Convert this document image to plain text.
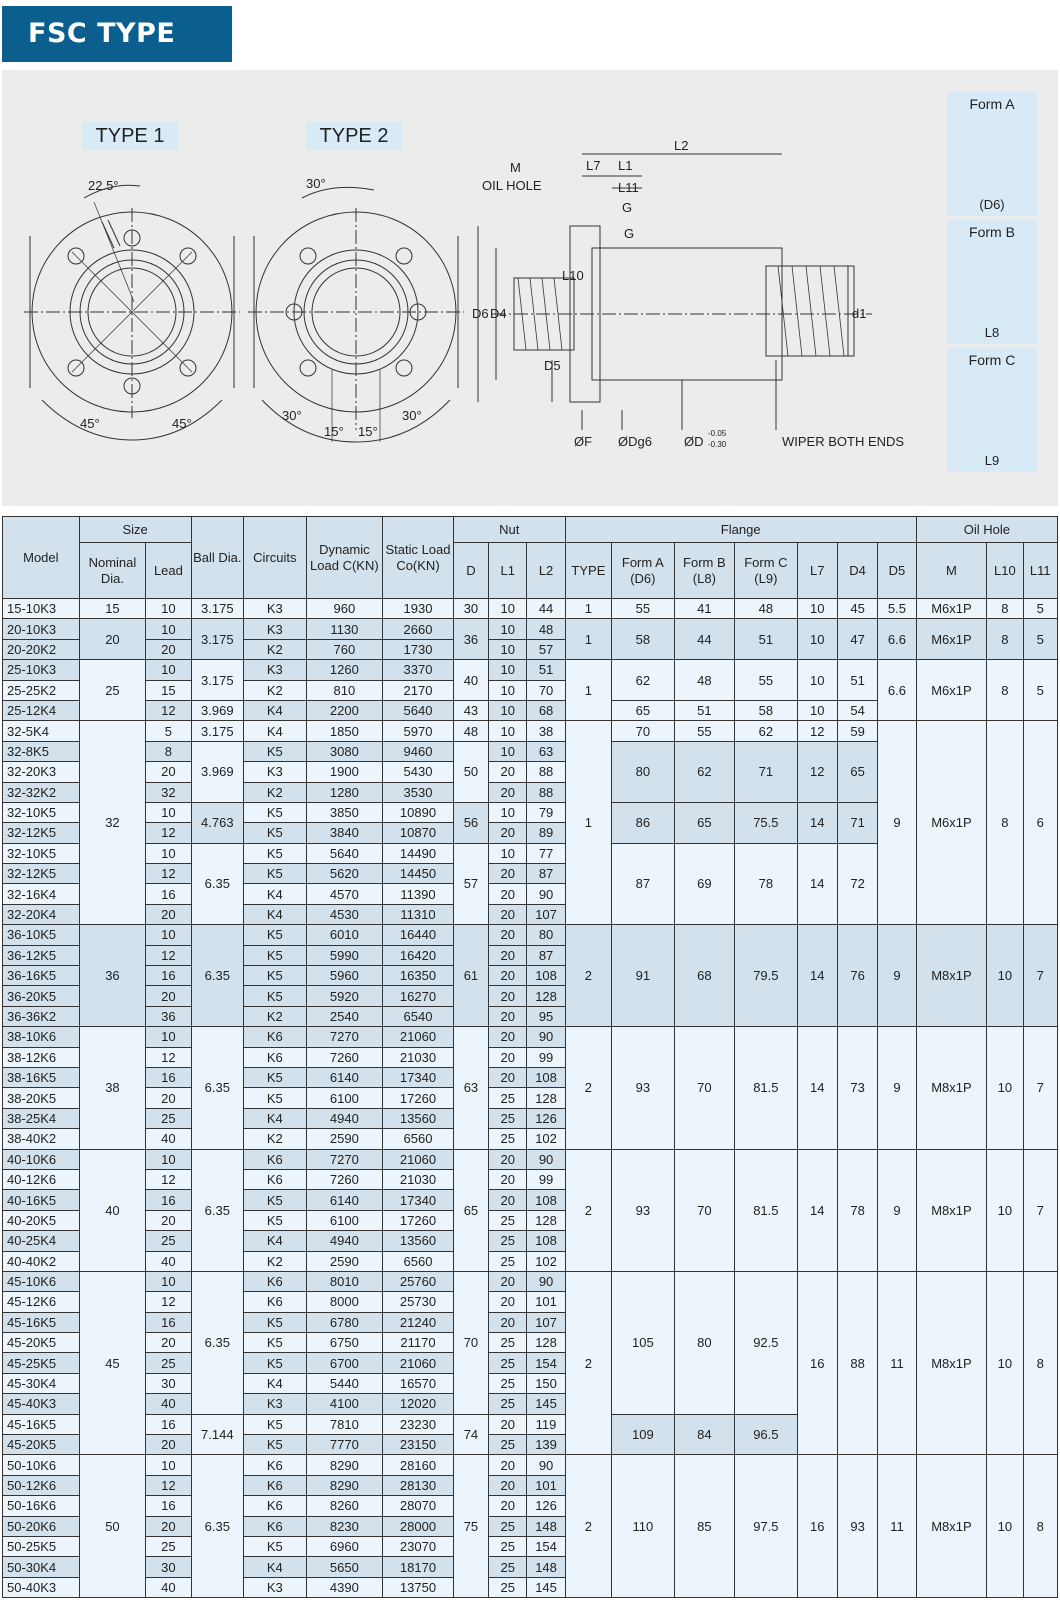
FSC TYPE
22.5°
45°	45°
30°
30°
15° 15°
30°
L2
L7 L1
L11
M
OIL HOLE
G
G
L10
D6 D4
D5
d1
ØF ØDg6 ØD
-0.05
-0.30	WIPER BOTH ENDS
TYPE 1	TYPE 2
Form A
(D6)
Form B
L8
Form C
L9
Model	Size		Ball Dia.	Circuits	Dynamic Load C(KN)	Static Load Co(KN)	Nut			Flange							Oil Hole		
	Nominal Dia.	Lead					D	L1	L2	TYPE	Form A (D6)	Form B (L8)	Form C (L9)	L7	D4	D5	M	L10	L11
15-10K3	15	10	3.175	K3	960	1930	30	10	44	1	55	41	48	10	45	5.5	M6x1P	8	5
20-10K3	20	10	3.175	K3	1130	2660	36	10	48	1	58	44	51	10	47	6.6	M6x1P	8	5
20-20K2		20		K2	760	1730		10	57										
25-10K3	25	10	3.175	K3	1260	3370	40	10	51	1	62	48	55	10	51	6.6	M6x1P	8	5
25-25K2		15		K2	810	2170		10	70										
25-12K4		12	3.969	K4	2200	5640	43	10	68		65	51	58	10	54				
32-5K4	32	5	3.175	K4	1850	5970	48	10	38	1	70	55	62	12	59	9	M6x1P	8	6
32-8K5		8	3.969	K5	3080	9460	50	10	63		80	62	71	12	65				
32-20K3		20		K3	1900	5430		20	88										
32-32K2		32		K2	1280	3530		20	88										
32-10K5		10	4.763	K5	3850	10890	56	10	79		86	65	75.5	14	71				
32-12K5		12		K5	3840	10870		20	89										
32-10K5		10	6.35	K5	5640	14490	57	10	77		87	69	78	14	72				
32-12K5		12		K5	5620	14450		20	87										
32-16K4		16		K4	4570	11390		20	90										
32-20K4		20		K4	4530	11310		20	107										
36-10K5	36	10	6.35	K5	6010	16440	61	20	80	2	91	68	79.5	14	76	9	M8x1P	10	7
36-12K5		12		K5	5990	16420		20	87										
36-16K5		16		K5	5960	16350		20	108										
36-20K5		20		K5	5920	16270		20	128										
36-36K2		36		K2	2540	6540		20	95										
38-10K6	38	10	6.35	K6	7270	21060	63	20	90	2	93	70	81.5	14	73	9	M8x1P	10	7
38-12K6		12		K6	7260	21030		20	99										
38-16K5		16		K5	6140	17340		20	108										
38-20K5		20		K5	6100	17260		25	128										
38-25K4		25		K4	4940	13560		25	126										
38-40K2		40		K2	2590	6560		25	102										
40-10K6	40	10	6.35	K6	7270	21060	65	20	90	2	93	70	81.5	14	78	9	M8x1P	10	7
40-12K6		12		K6	7260	21030		20	99										
40-16K5		16		K5	6140	17340		20	108										
40-20K5		20		K5	6100	17260		25	128										
40-25K4		25		K4	4940	13560		25	108										
40-40K2		40		K2	2590	6560		25	102										
45-10K6	45	10	6.35	K6	8010	25760	70	20	90	2	105	80	92.5	16	88	11	M8x1P	10	8
45-12K6		12		K6	8000	25730		20	101										
45-16K5		16		K5	6780	21240		20	107										
45-20K5		20		K5	6750	21170		25	128										
45-25K5		25		K5	6700	21060		25	154										
45-30K4		30		K4	5440	16570		25	150										
45-40K3		40		K3	4100	12020		25	145										
45-16K5		16	7.144	K5	7810	23230	74	20	119		109	84	96.5						
45-20K5		20		K5	7770	23150		25	139										
50-10K6	50	10	6.35	K6	8290	28160	75	20	90	2	110	85	97.5	16	93	11	M8x1P	10	8
50-12K6		12		K6	8290	28130		20	101										
50-16K6		16		K6	8260	28070		20	126										
50-20K6		20		K6	8230	28000		25	148										
50-25K5		25		K5	6960	23070		25	154										
50-30K4		30		K4	5650	18170		25	148										
50-40K3		40		K3	4390	13750		25	145										
